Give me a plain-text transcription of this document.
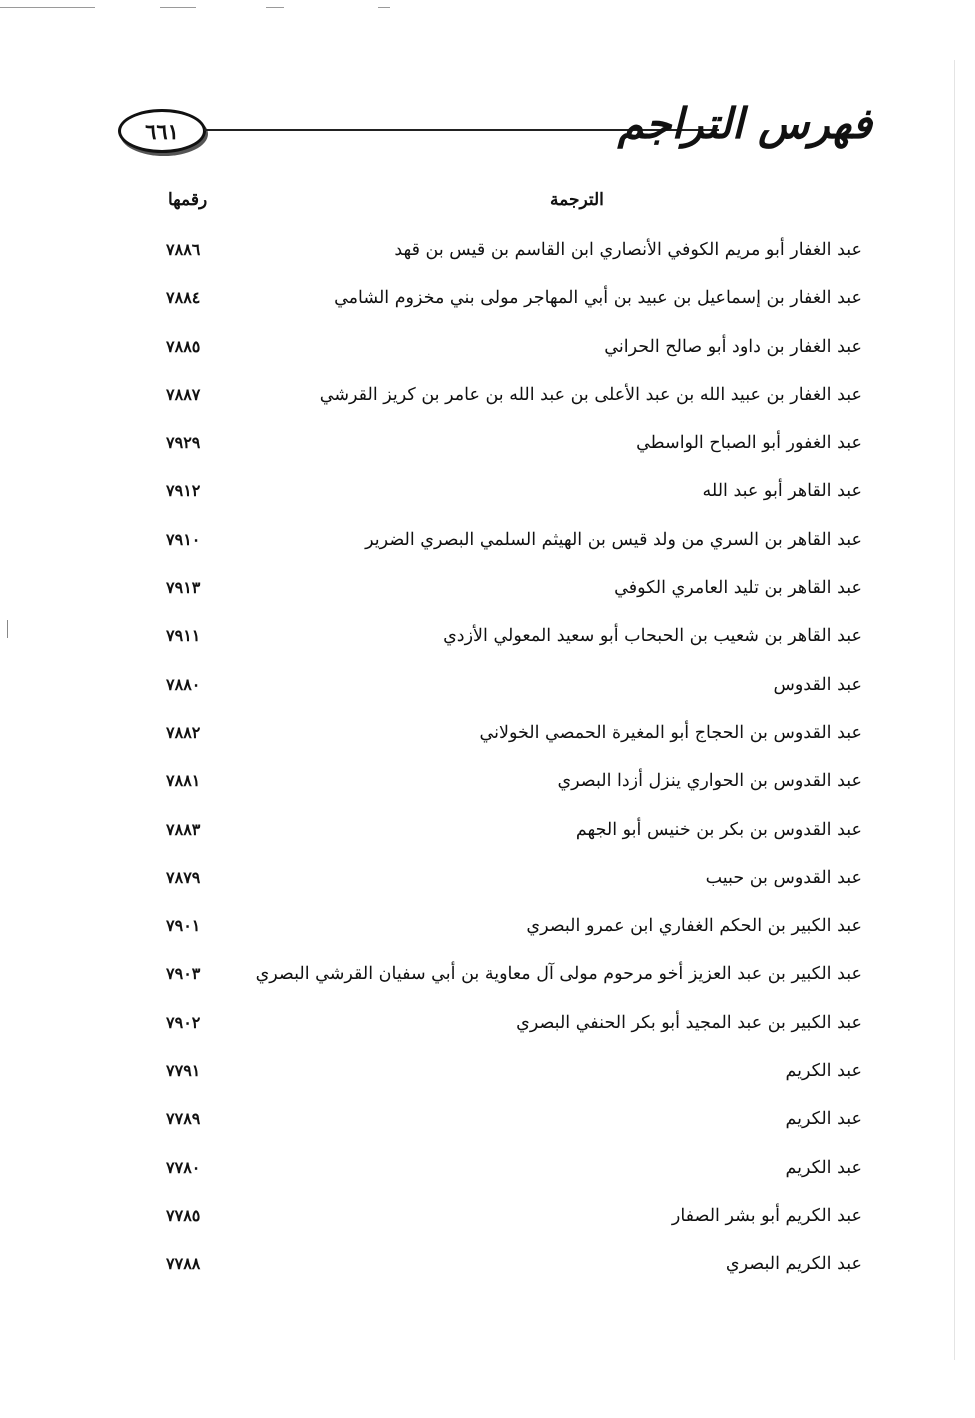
٦٦١	فهرس التراجم
الترجمة
رقمها
عبد الغفار أبو مريم الكوفي الأنصاري ابن القاسم بن قيس بن قهد
٧٨٨٦
عبد الغفار بن إسماعيل بن عبيد بن أبي المهاجر مولى بني مخزوم الشامي
٧٨٨٤
عبد الغفار بن داود أبو صالح الحراني
٧٨٨٥
عبد الغفار بن عبيد الله بن عبد الأعلى بن عبد الله بن عامر بن كريز القرشي
٧٨٨٧
عبد الغفور أبو الصباح الواسطي
٧٩٢٩
عبد القاهر أبو عبد الله
٧٩١٢
عبد القاهر بن السري من ولد قيس بن الهيثم السلمي البصري الضرير
٧٩١٠
عبد القاهر بن تليد العامري الكوفي
٧٩١٣
عبد القاهر بن شعيب بن الحبحاب أبو سعيد المعولي الأزدي
٧٩١١
عبد القدوس
٧٨٨٠
عبد القدوس بن الحجاج أبو المغيرة الحمصي الخولاني
٧٨٨٢
عبد القدوس بن الحواري ينزل أزدا البصري
٧٨٨١
عبد القدوس بن بكر بن خنيس أبو الجهم
٧٨٨٣
عبد القدوس بن حبيب
٧٨٧٩
عبد الكبير بن الحكم الغفاري ابن عمرو البصري
٧٩٠١
عبد الكبير بن عبد العزيز أخو مرحوم مولى آل معاوية بن أبي سفيان القرشي البصري
٧٩٠٣
عبد الكبير بن عبد المجيد أبو بكر الحنفي البصري
٧٩٠٢
عبد الكريم
٧٧٩١
عبد الكريم
٧٧٨٩
عبد الكريم
٧٧٨٠
عبد الكريم أبو بشر الصفار
٧٧٨٥
عبد الكريم البصري
٧٧٨٨
